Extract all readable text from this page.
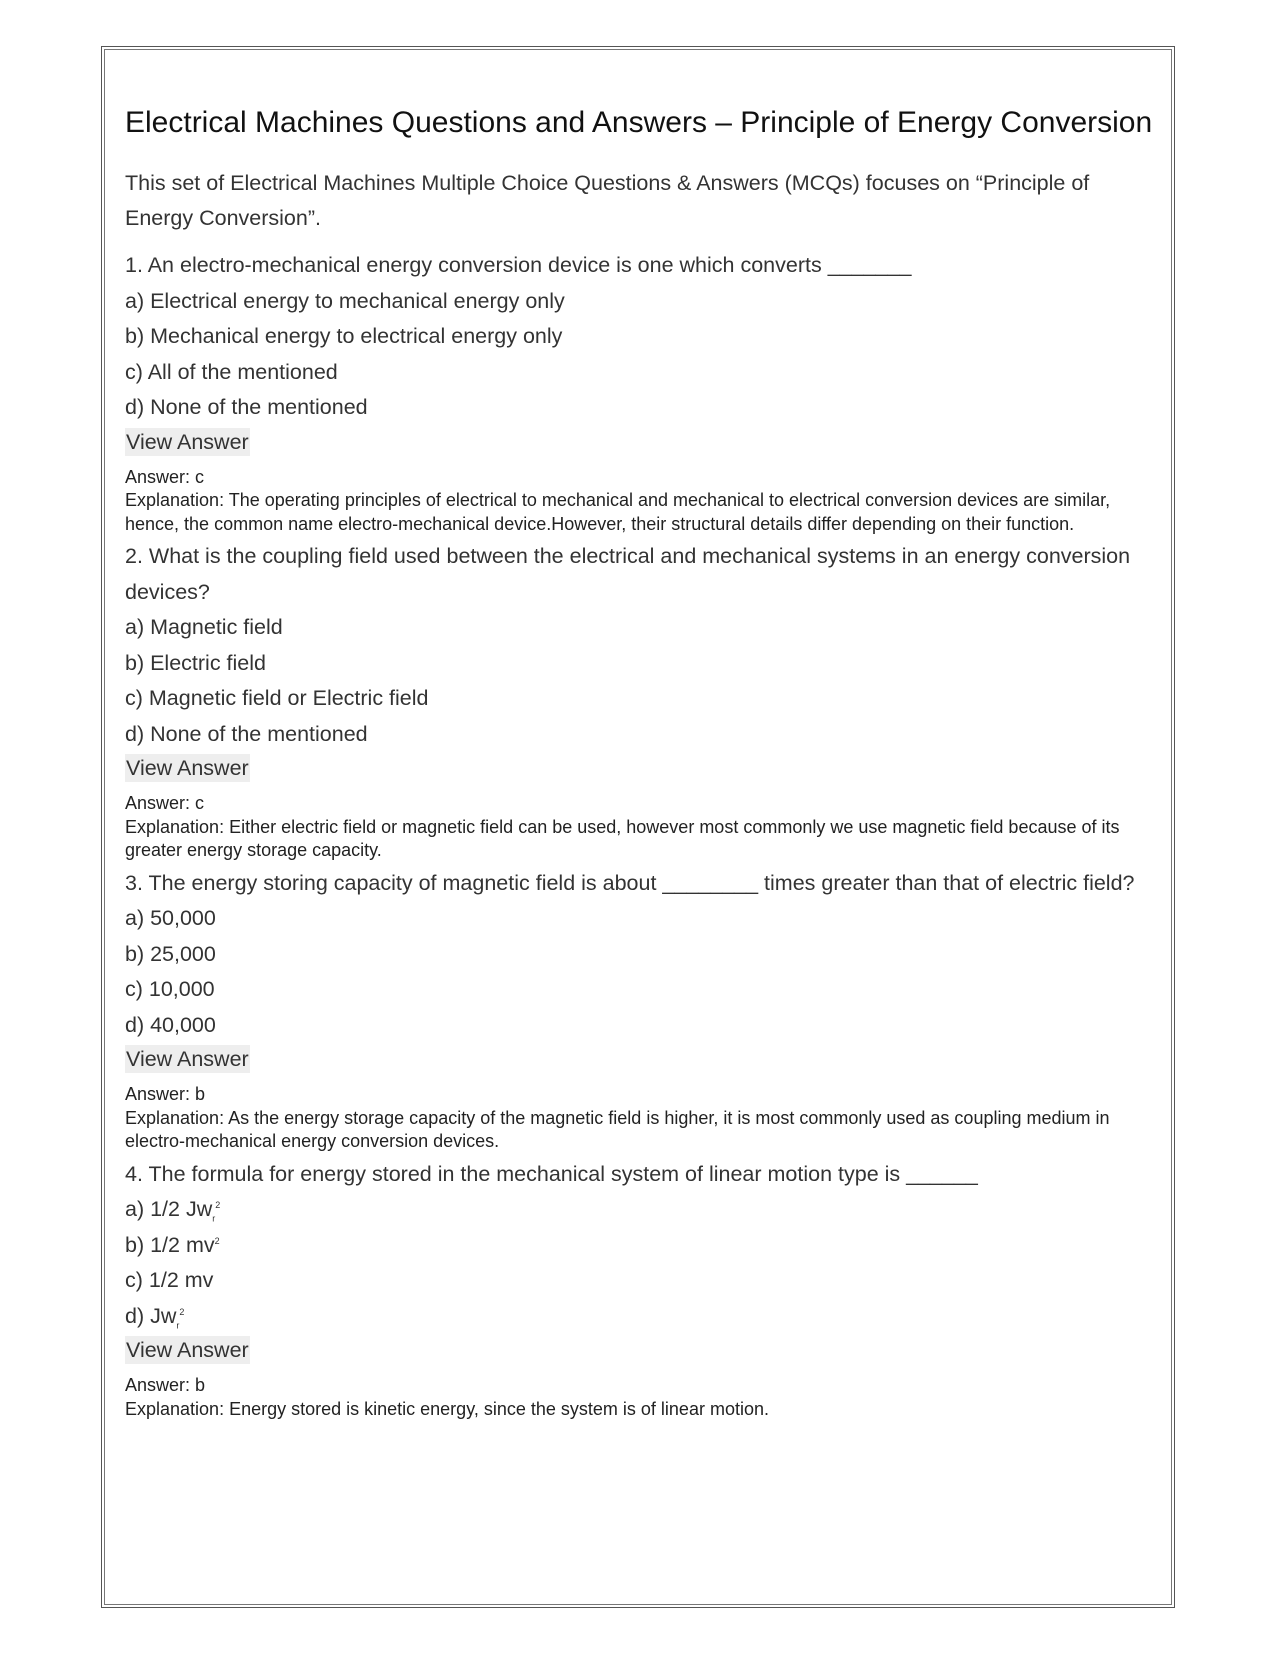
Electrical Machines Questions and Answers – Principle of Energy Conversion

This set of Electrical Machines Multiple Choice Questions & Answers (MCQs) focuses on “Principle of Energy Conversion”.

1. An electro-mechanical energy conversion device is one which converts _______
a) Electrical energy to mechanical energy only
b) Mechanical energy to electrical energy only
c) All of the mentioned
d) None of the mentioned
View Answer
Answer: c
Explanation: The operating principles of electrical to mechanical and mechanical to electrical conversion devices are similar, hence, the common name electro-mechanical device.However, their structural details differ depending on their function.
2. What is the coupling field used between the electrical and mechanical systems in an energy conversion devices?
a) Magnetic field
b) Electric field
c) Magnetic field or Electric field
d) None of the mentioned
View Answer
Answer: c
Explanation: Either electric field or magnetic field can be used, however most commonly we use magnetic field because of its greater energy storage capacity.
3. The energy storing capacity of magnetic field is about ________ times greater than that of electric field?
a) 50,000
b) 25,000
c) 10,000
d) 40,000
View Answer
Answer: b
Explanation: As the energy storage capacity of the magnetic field is higher, it is most commonly used as coupling medium in electro-mechanical energy conversion devices.
4. The formula for energy stored in the mechanical system of linear motion type is ______
a) 1/2 $Jw_r^2$
b) 1/2 $mv^2$
c) 1/2 mv
d) $Jw_r^2$
View Answer
Answer: b
Explanation: Energy stored is kinetic energy, since the system is of linear motion.
